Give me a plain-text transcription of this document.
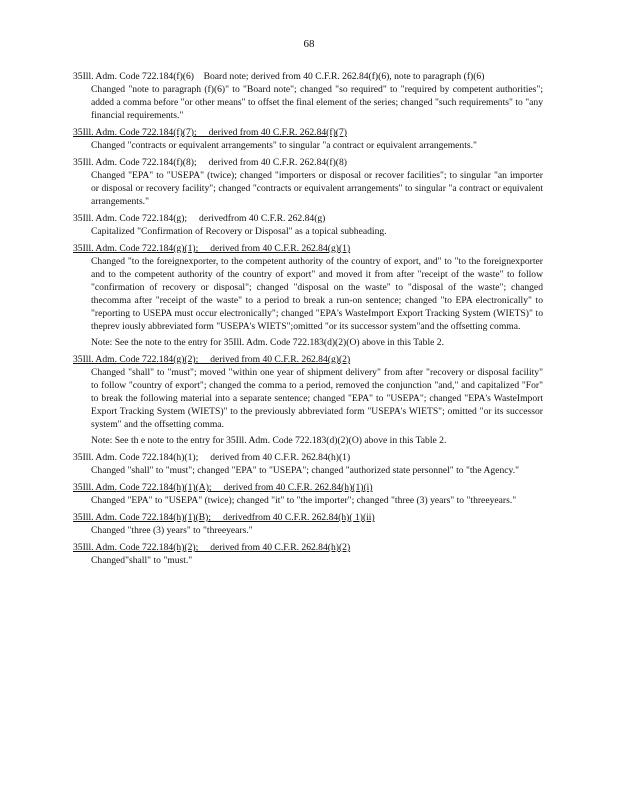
68
35Ill. Adm. Code 722.184(f)(6)    Board note; derived from 40 C.F.R. 262.84(f)(6), note to paragraph (f)(6)
Changed "note to paragraph (f)(6)" to "Board note"; changed "so required" to "required by competent authorities"; added a comma before "or other means" to offset the final element of the series; changed "such requirements" to "any financial requirements."
35Ill. Adm. Code 722.184(f)(7);     derived from 40 C.F.R. 262.84(f)(7)
Changed "contracts or equivalent arrangements" to singular "a contract or equivalent arrangements."
35Ill. Adm. Code 722.184(f)(8);     derived from 40 C.F.R. 262.84(f)(8)
Changed "EPA" to "USEPA" (twice); changed "importers or disposal or recover facilities"; to singular "an importer or disposal or recovery facility"; changed "contracts or equivalent arrangements" to singular "a contract or equivalent arrangements."
35Ill. Adm. Code 722.184(g);     derivedfrom 40 C.F.R. 262.84(g)
Capitalized "Confirmation of Recovery or Disposal" as a topical subheading.
35Ill. Adm. Code 722.184(g)(1);     derived from 40 C.F.R. 262.84(g)(1)
Changed "to the foreignexporter, to the competent authority of the country of export, and" to "to the foreignexporter and to the competent authority of the country of export" and moved it from after "receipt of the waste" to follow "confirmation of recovery or disposal"; changed "disposal on the waste" to "disposal of the waste"; changed thecomma after "receipt of the waste" to a period to break a run-on sentence; changed "to EPA electronically" to "reporting to USEPA must occur electronically"; changed "EPA's WasteImport Export Tracking System (WIETS)" to theprev iously abbreviated form "USEPA's WIETS";omitted "or its successor system"and the offsetting comma.
Note: See the note to the entry for 35Ill. Adm. Code 722.183(d)(2)(O) above in this Table 2.
35Ill. Adm. Code 722.184(g)(2);     derived from 40 C.F.R. 262.84(g)(2)
Changed "shall" to "must"; moved "within one year of shipment delivery" from after "recovery or disposal facility" to follow "country of export"; changed the comma to a period, removed the conjunction "and," and capitalized "For" to break the following material into a separate sentence; changed "EPA" to "USEPA"; changed "EPA's WasteImport Export Tracking System (WIETS)" to the previously abbreviated form "USEPA's WIETS"; omitted "or its successor system" and the offsetting comma.
Note: See th e note to the entry for 35Ill. Adm. Code 722.183(d)(2)(O) above in this Table 2.
35Ill. Adm. Code 722.184(h)(1);     derived from 40 C.F.R. 262.84(h)(1)
Changed "shall" to "must"; changed "EPA" to "USEPA"; changed "authorized state personnel" to "the Agency."
35Ill. Adm. Code 722.184(h)(1)(A);     derived from 40 C.F.R. 262.84(h)(1)(i)
Changed "EPA" to "USEPA" (twice); changed "it" to "the importer"; changed "three (3) years" to "threeyears."
35Ill. Adm. Code 722.184(h)(1)(B);     derivedfrom 40 C.F.R. 262.84(h)( 1)(ii)
Changed "three (3) years" to "threeyears."
35Ill. Adm. Code 722.184(h)(2);     derived from 40 C.F.R. 262.84(h)(2)
Changed"shall" to "must."
